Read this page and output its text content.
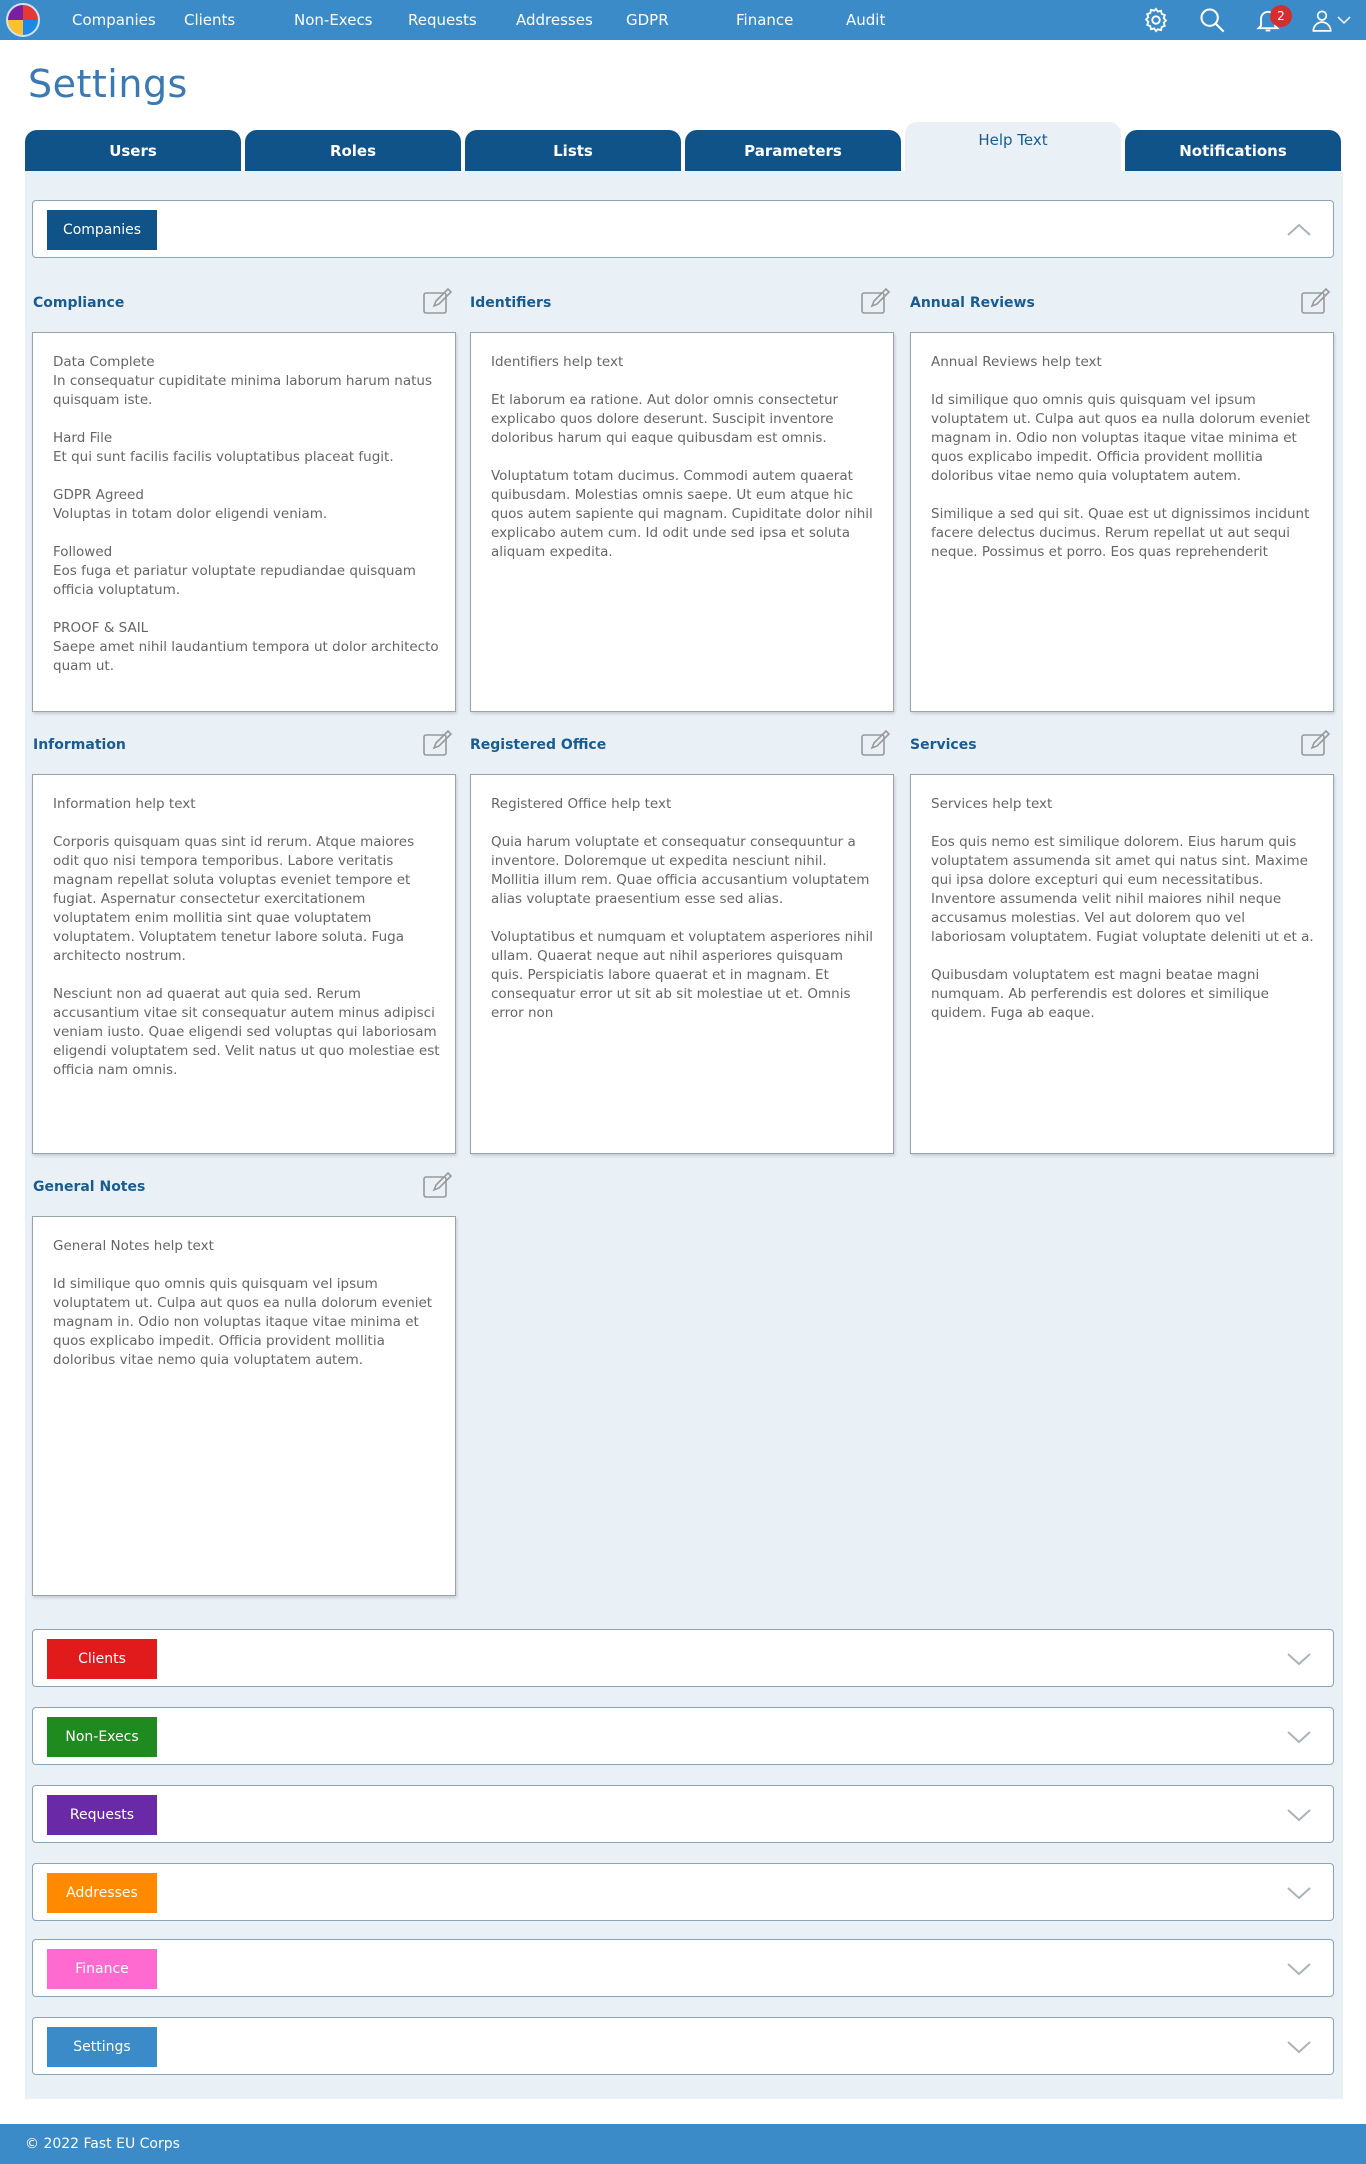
Companies	Clients	Non-Execs	Requests	Addresses	GDPR	Finance	Audit	2
Settings
Users	Roles	Lists	Parameters
Help Text
Notifications
Companies
Compliance

Data Complete
In consequatur cupiditate minima laborum harum natus quisquam iste.

Hard File
Et qui sunt facilis facilis voluptatibus placeat fugit.

GDPR Agreed
Voluptas in totam dolor eligendi veniam.

Followed
Eos fuga et pariatur voluptate repudiandae quisquam officia voluptatum.

PROOF & SAIL
Saepe amet nihil laudantium tempora ut dolor architecto quam ut.

Identifiers

Identifiers help text

Et laborum ea ratione. Aut dolor omnis consectetur explicabo quos dolore deserunt. Suscipit inventore doloribus harum qui eaque quibusdam est omnis.

Voluptatum totam ducimus. Commodi autem quaerat quibusdam. Molestias omnis saepe. Ut eum atque hic quos autem sapiente qui magnam. Cupiditate dolor nihil explicabo autem cum. Id odit unde sed ipsa et soluta aliquam expedita.

Annual Reviews

Annual Reviews help text

Id similique quo omnis quis quisquam vel ipsum voluptatem ut. Culpa aut quos ea nulla dolorum eveniet magnam in. Odio non voluptas itaque vitae minima et quos explicabo impedit. Officia provident mollitia doloribus vitae nemo quia voluptatem autem.

Similique a sed qui sit. Quae est ut dignissimos incidunt facere delectus ducimus. Rerum repellat ut aut sequi neque. Possimus et porro. Eos quas reprehenderit

Information

Information help text

Corporis quisquam quas sint id rerum. Atque maiores odit quo nisi tempora temporibus. Labore veritatis magnam repellat soluta voluptas eveniet tempore et fugiat. Aspernatur consectetur exercitationem voluptatem enim mollitia sint quae voluptatem voluptatem. Voluptatem tenetur labore soluta. Fuga architecto nostrum.

Nesciunt non ad quaerat aut quia sed. Rerum accusantium vitae sit consequatur autem minus adipisci veniam iusto. Quae eligendi sed voluptas qui laboriosam eligendi voluptatem sed. Velit natus ut quo molestiae est officia nam omnis.

Registered Office

Registered Office help text

Quia harum voluptate et consequatur consequuntur a inventore. Doloremque ut expedita nesciunt nihil. Mollitia illum rem. Quae officia accusantium voluptatem alias voluptate praesentium esse sed alias.

Voluptatibus et numquam et voluptatem asperiores nihil ullam. Quaerat neque aut nihil asperiores quisquam quis. Perspiciatis labore quaerat et in magnam. Et consequatur error ut sit ab sit molestiae ut et. Omnis error non

Services

Services help text

Eos quis nemo est similique dolorem. Eius harum quis voluptatem assumenda sit amet qui natus sint. Maxime qui ipsa dolore excepturi qui eum necessitatibus. Inventore assumenda velit nihil maiores nihil neque accusamus molestias. Vel aut dolorem quo vel laboriosam voluptatem. Fugiat voluptate deleniti ut et a.

Quibusdam voluptatem est magni beatae magni numquam. Ab perferendis est dolores et similique quidem. Fuga ab eaque.

General Notes

General Notes help text

Id similique quo omnis quis quisquam vel ipsum voluptatem ut. Culpa aut quos ea nulla dolorum eveniet magnam in. Odio non voluptas itaque vitae minima et quos explicabo impedit. Officia provident mollitia doloribus vitae nemo quia voluptatem autem.

Clients
Non-Execs
Requests
Addresses
Finance
Settings
© 2022 Fast EU Corps
